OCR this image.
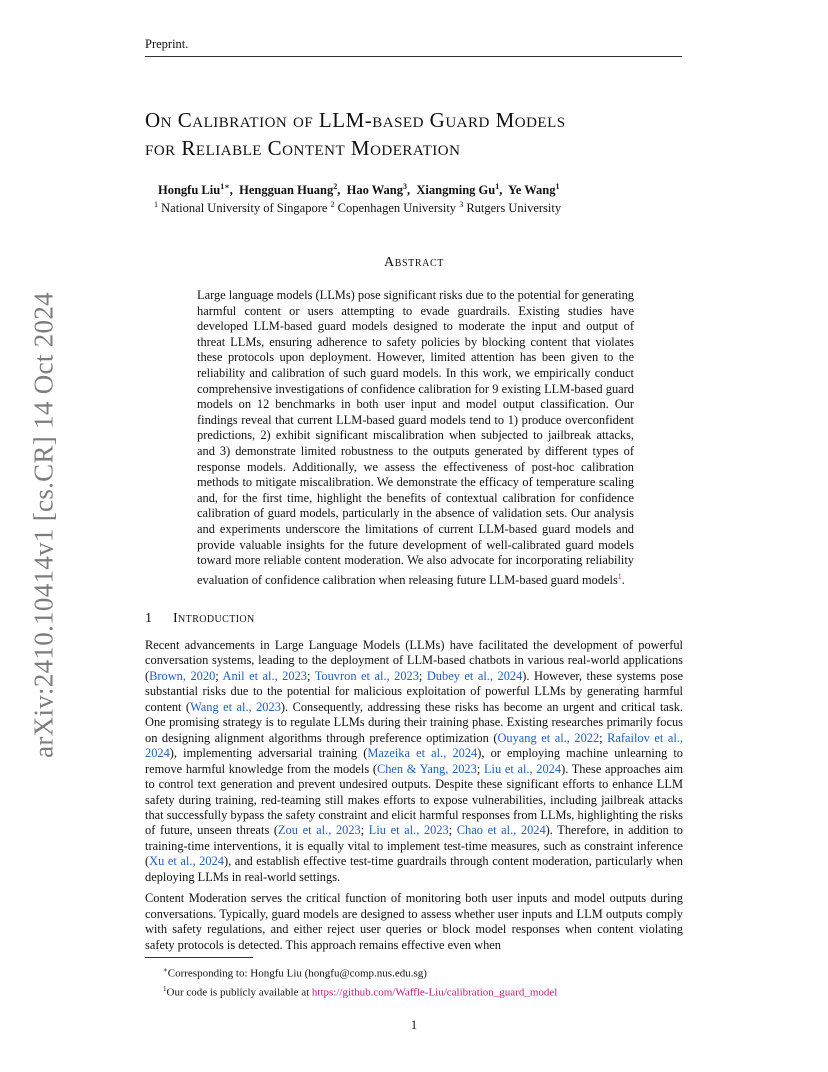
Preprint.
arXiv:2410.10414v1 [cs.CR] 14 Oct 2024
On Calibration of LLM-based Guard Models
for Reliable Content Moderation
Hongfu Liu$^{1∗}$,  Hengguan Huang$^2$,  Hao Wang$^3$,  Xiangming Gu$^1$,  Ye Wang$^1$
$^1$ National University of Singapore $^2$ Copenhagen University $^3$ Rutgers University
Abstract
Large language models (LLMs) pose significant risks due to the potential for generating harmful content or users attempting to evade guardrails. Existing studies have developed LLM-based guard models designed to moderate the input and output of threat LLMs, ensuring adherence to safety policies by blocking content that violates these protocols upon deployment. However, limited attention has been given to the reliability and calibration of such guard models. In this work, we empirically conduct comprehensive investigations of confidence calibration for 9 existing LLM-based guard models on 12 benchmarks in both user input and model output classification. Our findings reveal that current LLM-based guard models tend to 1) produce overconfident predictions, 2) exhibit significant miscalibration when subjected to jailbreak attacks, and 3) demonstrate limited robustness to the outputs generated by different types of response models. Additionally, we assess the effectiveness of post-hoc calibration methods to mitigate miscalibration. We demonstrate the efficacy of temperature scaling and, for the first time, highlight the benefits of contextual calibration for confidence calibration of guard models, particularly in the absence of validation sets. Our analysis and experiments underscore the limitations of current LLM-based guard models and provide valuable insights for the future development of well-calibrated guard models toward more reliable content moderation. We also advocate for incorporating reliability evaluation of confidence calibration when releasing future LLM-based guard models$^1$.
1 Introduction

Recent advancements in Large Language Models (LLMs) have facilitated the development of powerful conversation systems, leading to the deployment of LLM-based chatbots in various real-world applications (Brown, 2020; Anil et al., 2023; Touvron et al., 2023; Dubey et al., 2024). However, these systems pose substantial risks due to the potential for malicious exploitation of powerful LLMs by generating harmful content (Wang et al., 2023). Consequently, addressing these risks has become an urgent and critical task. One promising strategy is to regulate LLMs during their training phase. Existing researches primarily focus on designing alignment algorithms through preference optimization (Ouyang et al., 2022; Rafailov et al., 2024), implementing adversarial training (Mazeika et al., 2024), or employing machine unlearning to remove harmful knowledge from the models (Chen & Yang, 2023; Liu et al., 2024). These approaches aim to control text generation and prevent undesired outputs. Despite these significant efforts to enhance LLM safety during training, red-teaming still makes efforts to expose vulnerabilities, including jailbreak attacks that successfully bypass the safety constraint and elicit harmful responses from LLMs, highlighting the risks of future, unseen threats (Zou et al., 2023; Liu et al., 2023; Chao et al., 2024). Therefore, in addition to training-time interventions, it is equally vital to implement test-time measures, such as constraint inference (Xu et al., 2024), and establish effective test-time guardrails through content moderation, particularly when deploying LLMs in real-world settings.

Content Moderation serves the critical function of monitoring both user inputs and model outputs during conversations. Typically, guard models are designed to assess whether user inputs and LLM outputs comply with safety regulations, and either reject user queries or block model responses when content violating safety protocols is detected. This approach remains effective even when

∗Corresponding to: Hongfu Liu (hongfu@comp.nus.edu.sg)
$^1$Our code is publicly available at https://github.com/Waffle-Liu/calibration_guard_model
1
